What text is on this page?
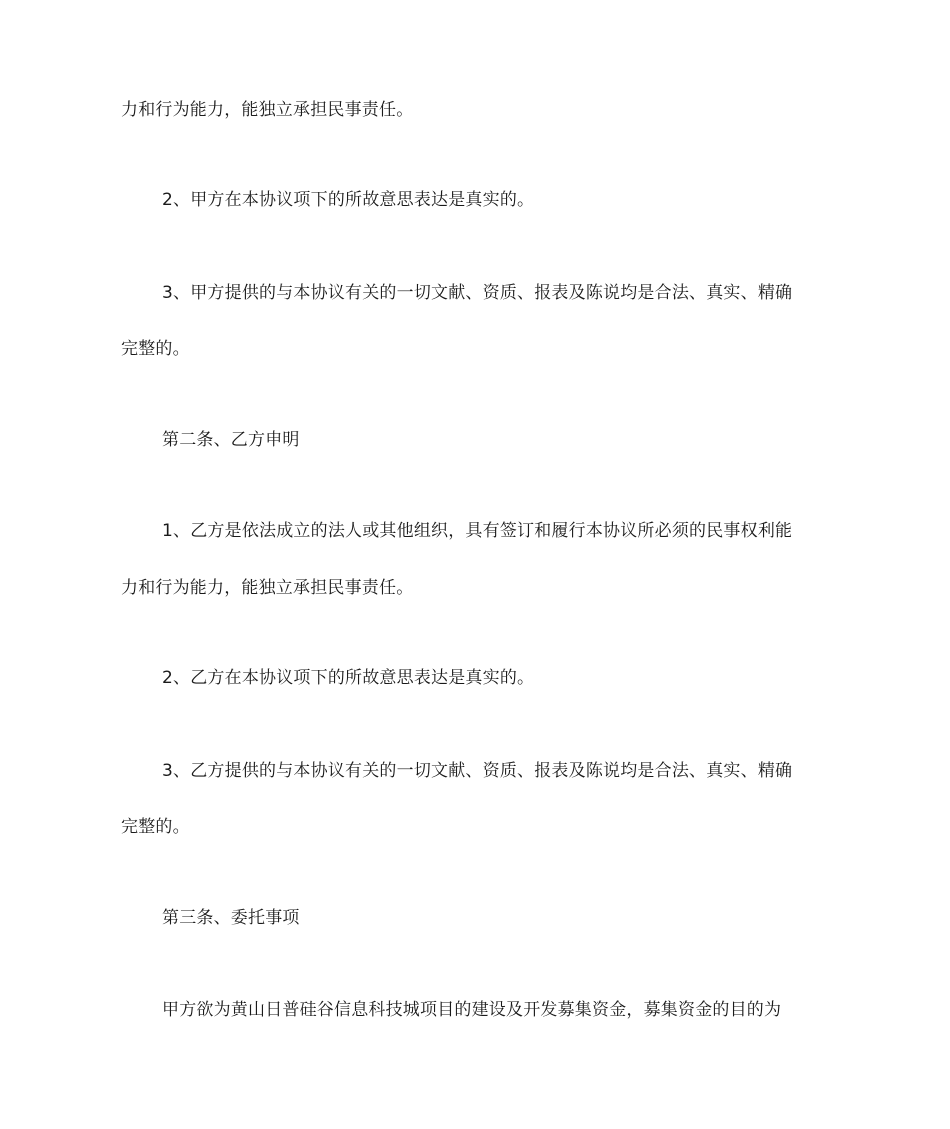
力和行为能力，能独立承担民事责任。
2、甲方在本协议项下的所故意思表达是真实的。
3、甲方提供的与本协议有关的一切文献、资质、报表及陈说均是合法、真实、精确
完整的。
第二条、乙方申明
1、乙方是依法成立的法人或其他组织，具有签订和履行本协议所必须的民事权利能
力和行为能力，能独立承担民事责任。
2、乙方在本协议项下的所故意思表达是真实的。
3、乙方提供的与本协议有关的一切文献、资质、报表及陈说均是合法、真实、精确
完整的。
第三条、委托事项
甲方欲为黄山日普硅谷信息科技城项目的建设及开发募集资金，募集资金的目的为
